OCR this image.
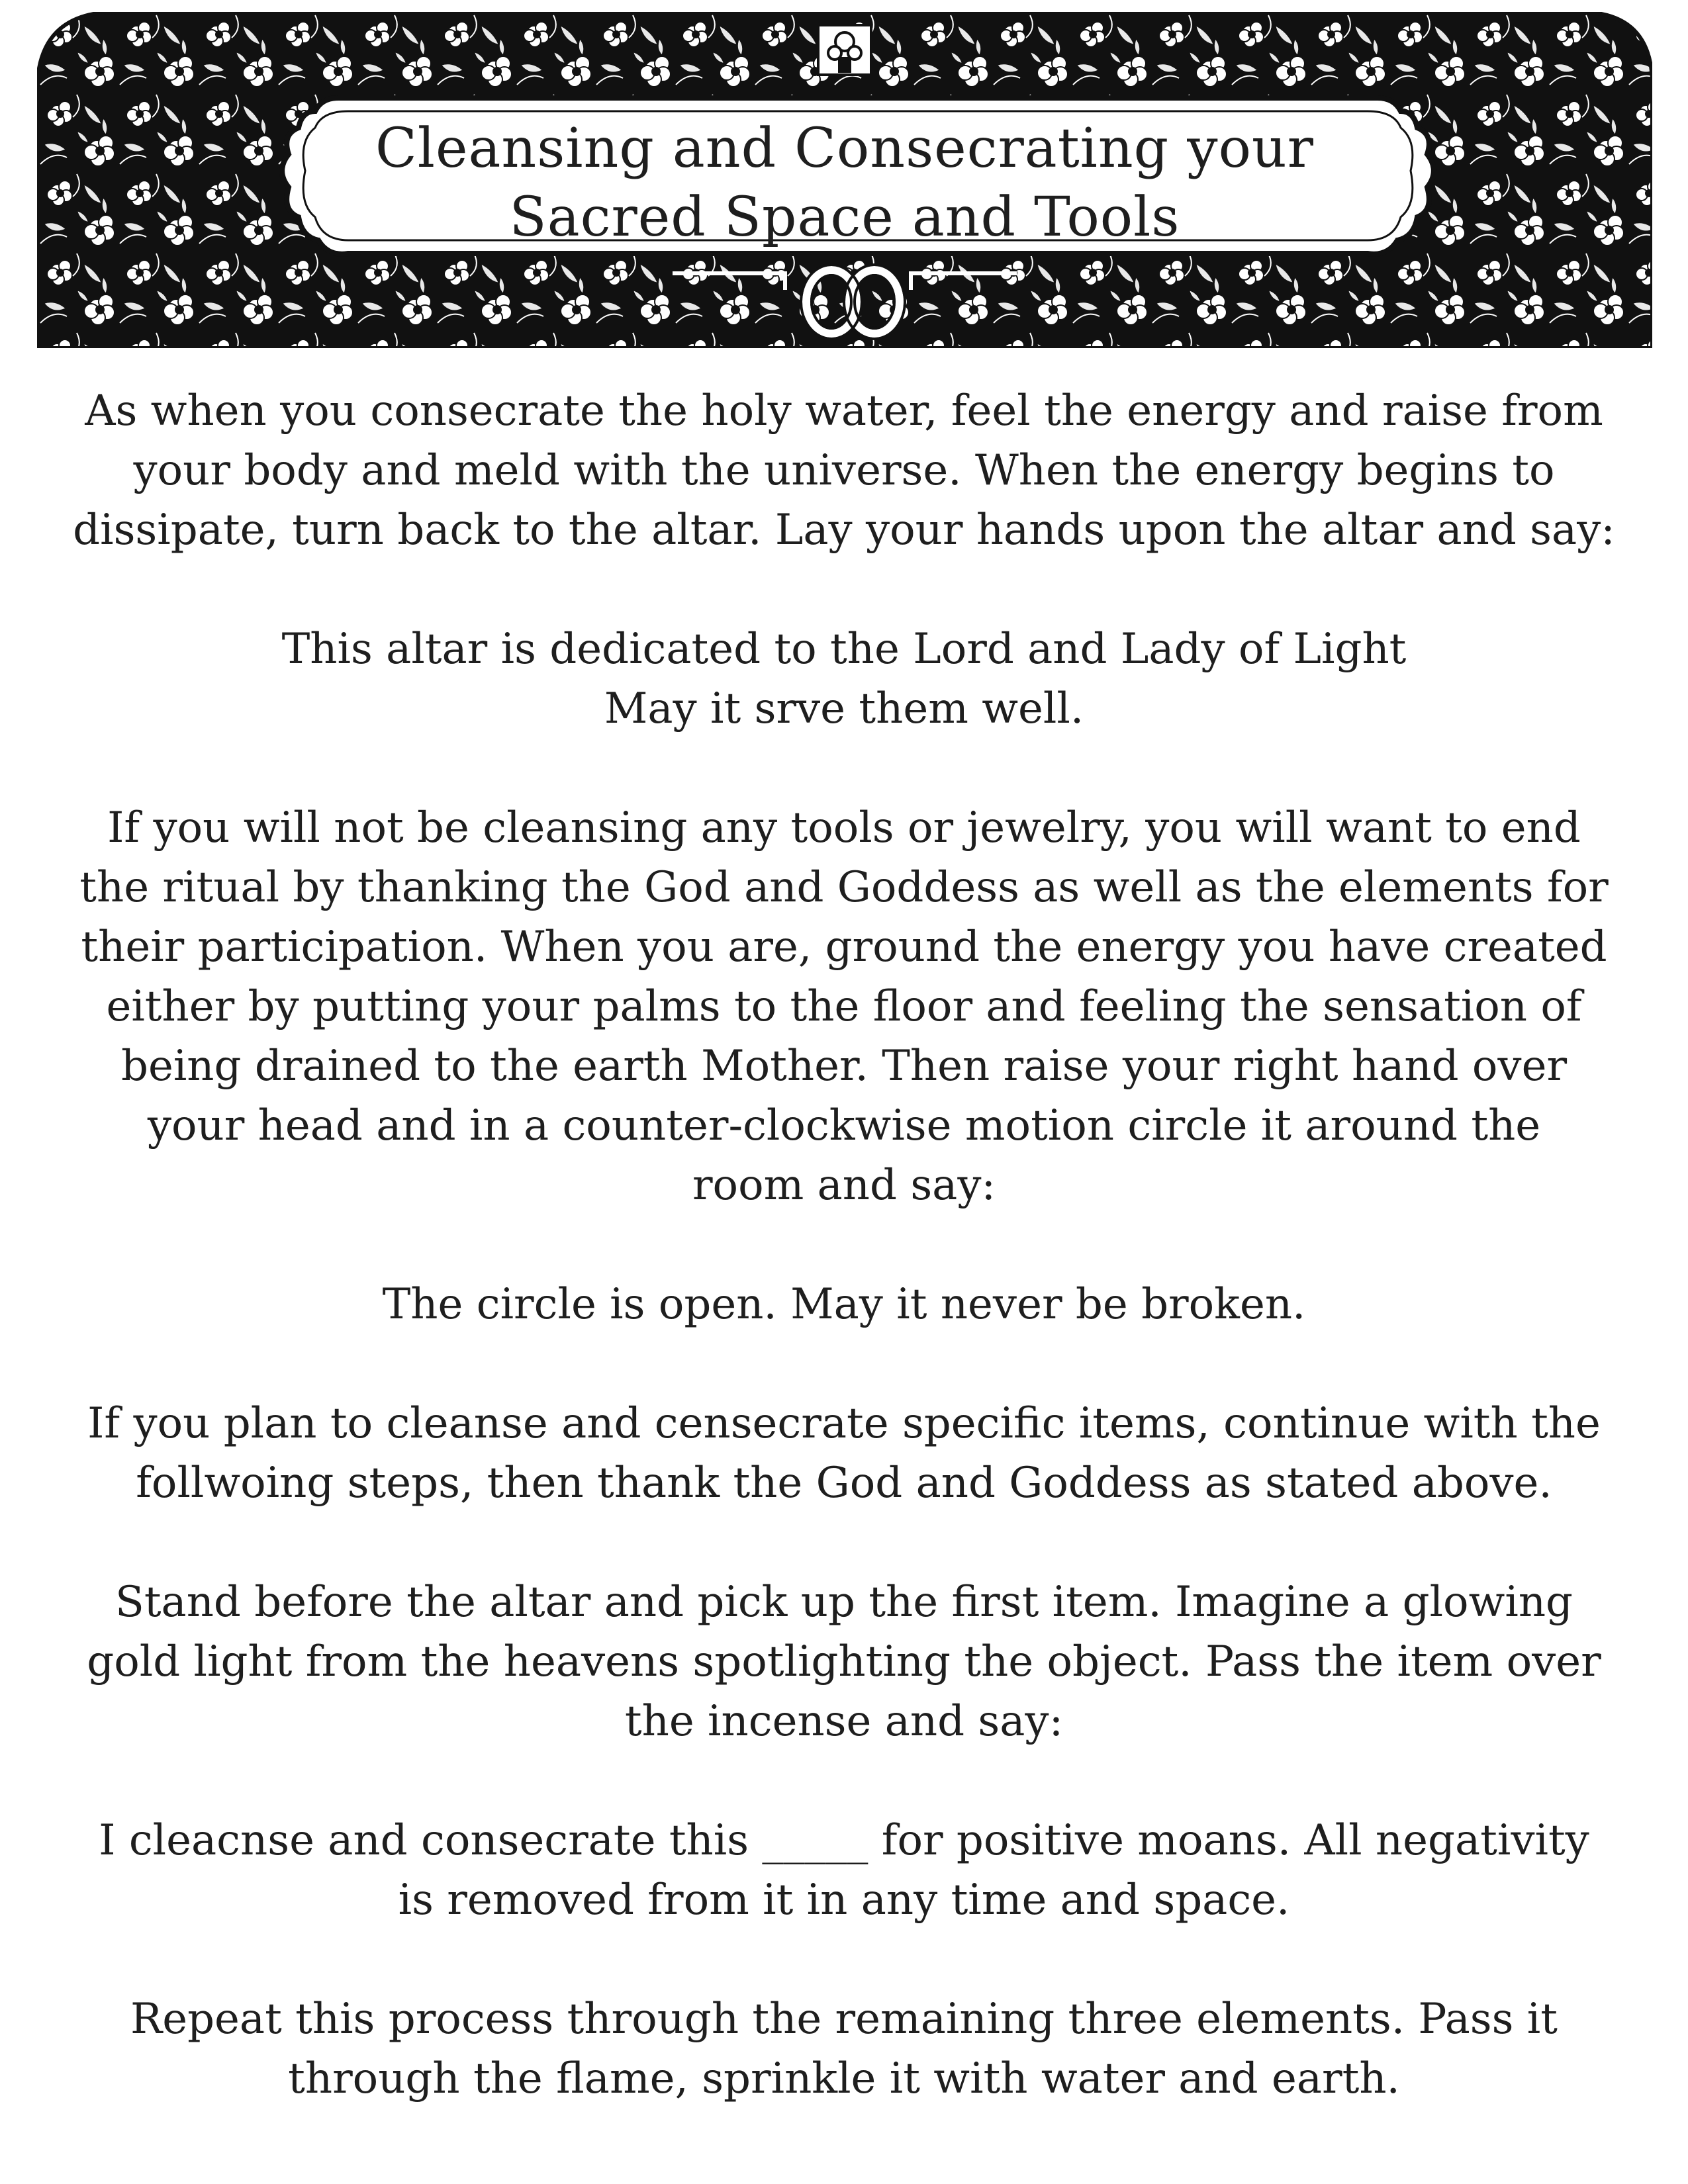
Cleansing and Consecrating your
Sacred Space and Tools

As when you consecrate the holy water, feel the energy and raise from
your body and meld with the universe. When the energy begins to
dissipate, turn back to the altar. Lay your hands upon the altar and say:

This altar is dedicated to the Lord and Lady of Light
May it srve them well.

If you will not be cleansing any tools or jewelry, you will want to end
the ritual by thanking the God and Goddess as well as the elements for
their participation. When you are, ground the energy you have created
either by putting your palms to the floor and feeling the sensation of
being drained to the earth Mother. Then raise your right hand over
your head and in a counter-clockwise motion circle it around the
room and say:

The circle is open. May it never be broken.

If you plan to cleanse and censecrate specific items, continue with the
follwoing steps, then thank the God and Goddess as stated above.

Stand before the altar and pick up the first item. Imagine a glowing
gold light from the heavens spotlighting the object. Pass the item over
the incense and say:

I cleacnse and consecrate this _____ for positive moans. All negativity
is removed from it in any time and space.

Repeat this process through the remaining three elements. Pass it
through the flame, sprinkle it with water and earth.
